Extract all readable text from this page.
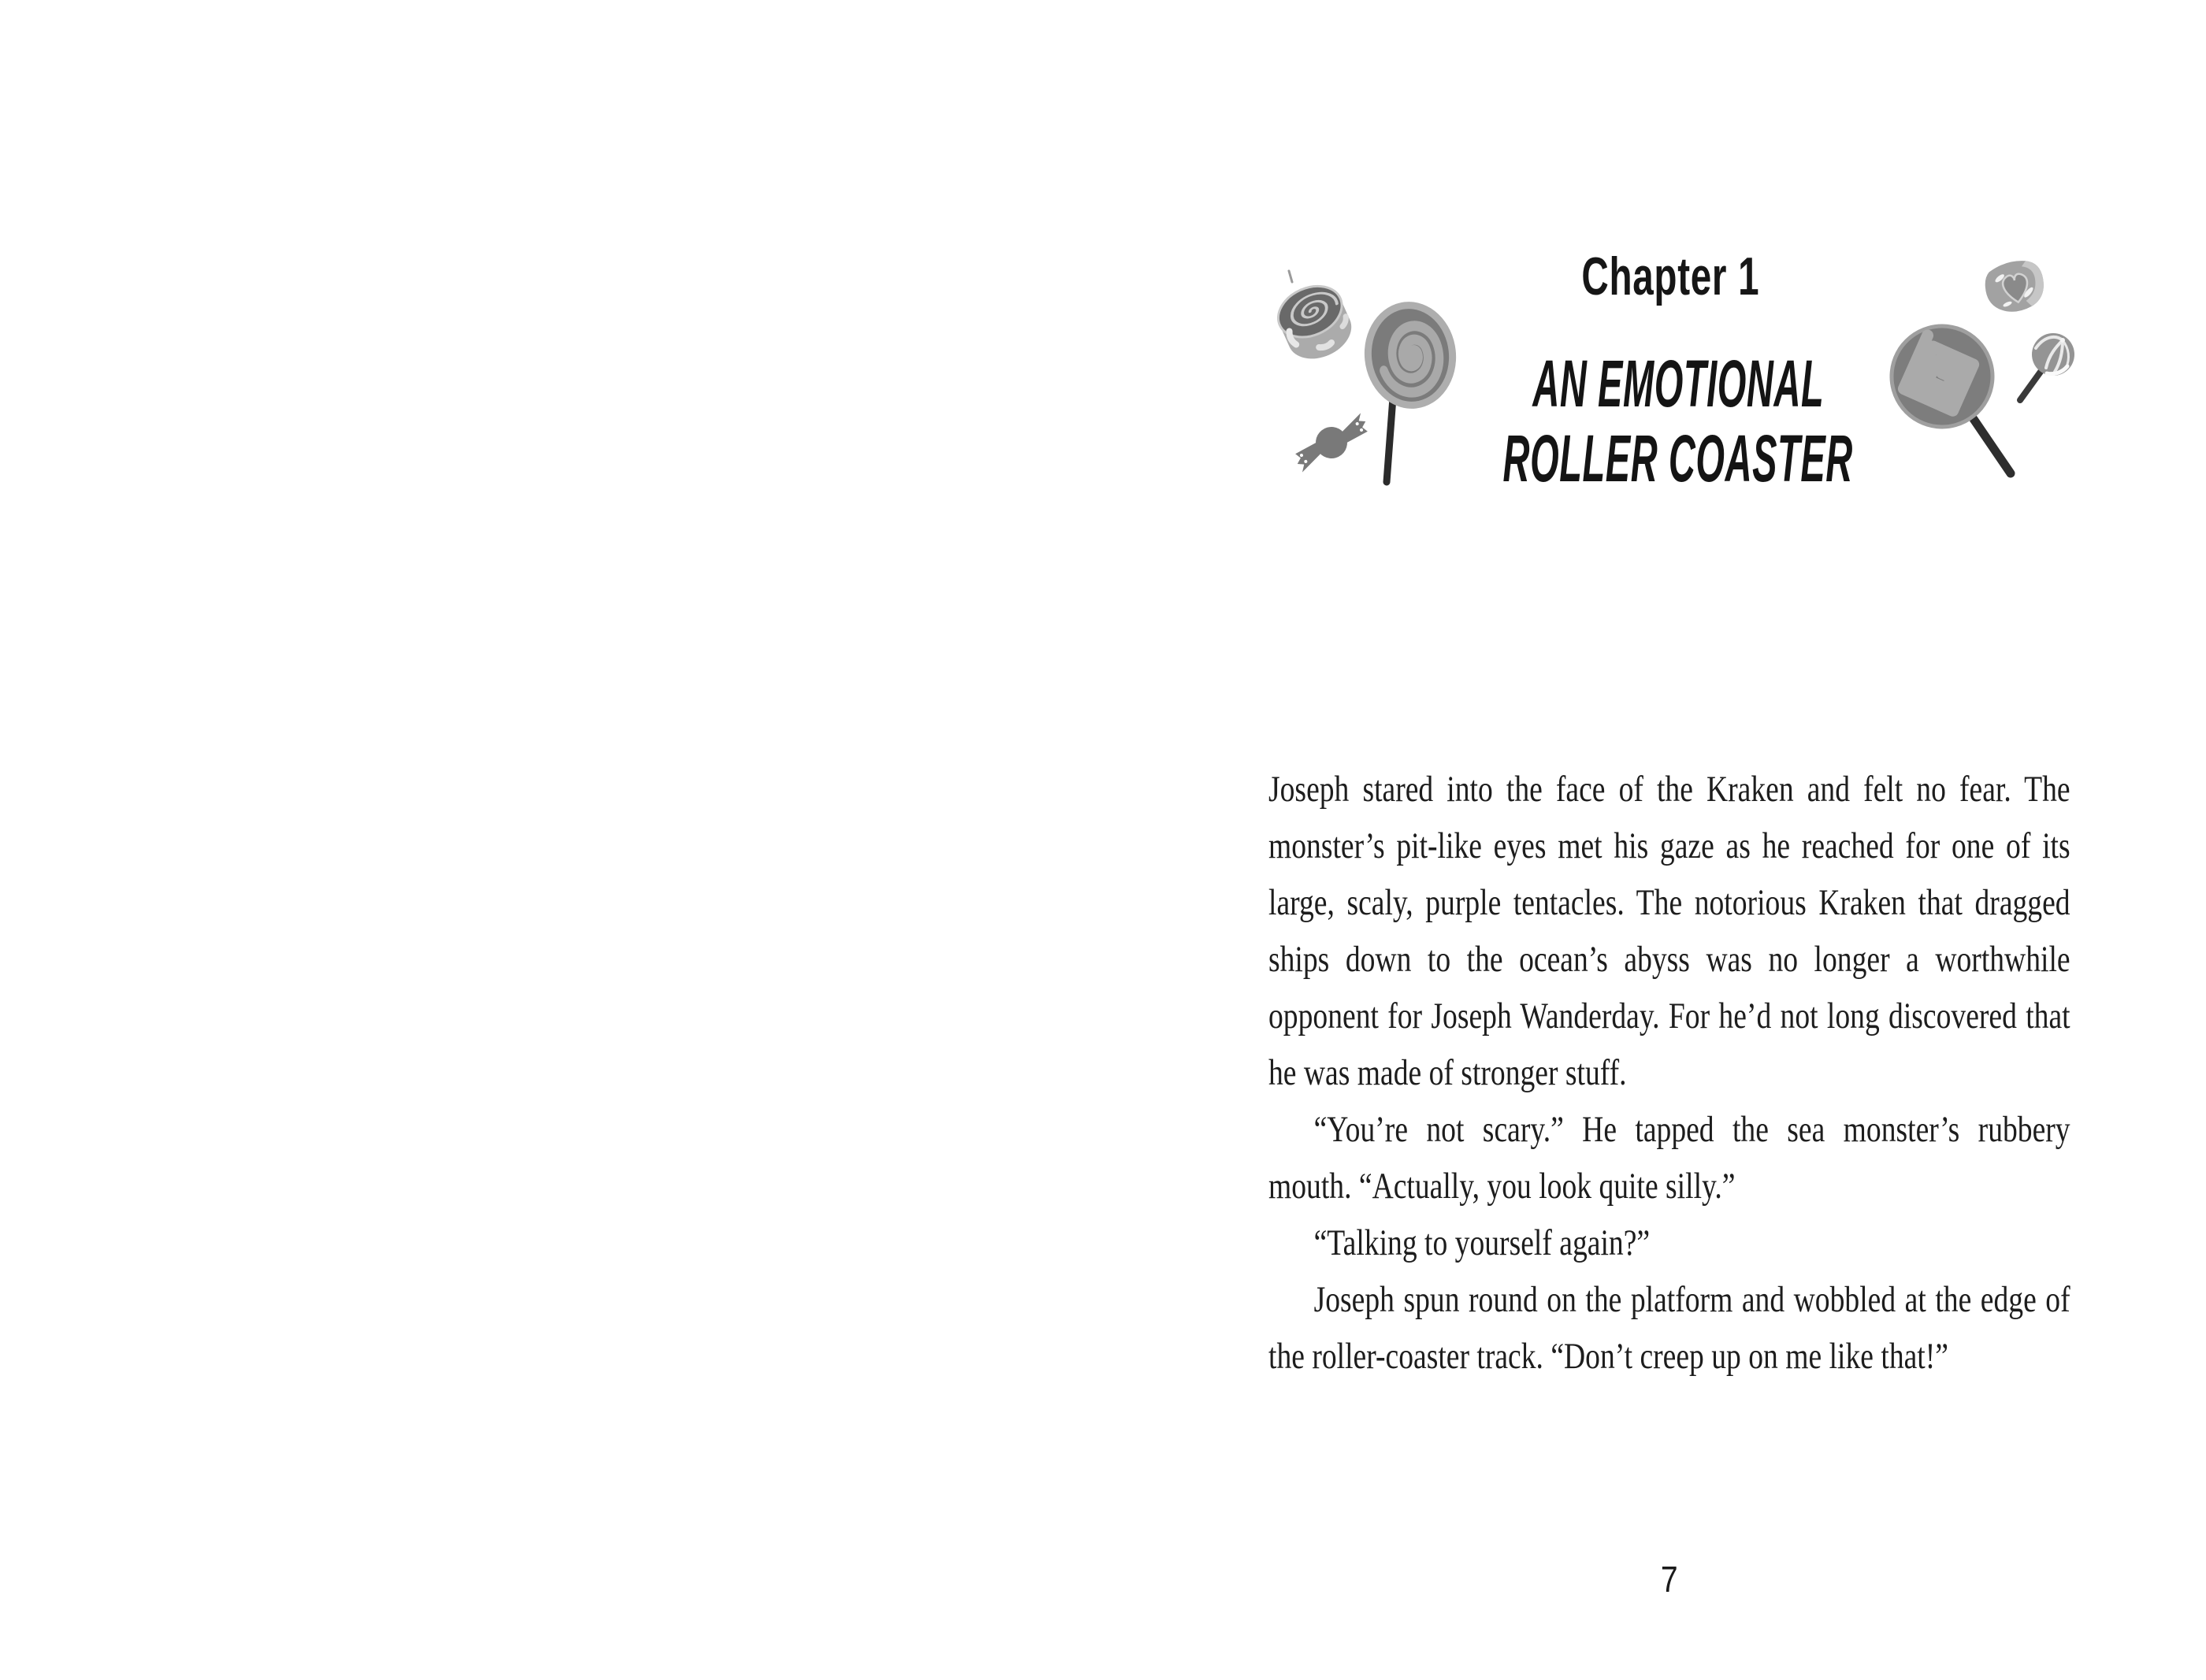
Chapter 1
AN EMOTIONAL
ROLLER COASTER

Joseph stared into the face of the Kraken and felt no fear. The monster’s pit-like eyes met his gaze as he reached for one of its large, scaly, purple tentacles. The notorious Kraken that dragged ships down to the ocean’s abyss was no longer a worthwhile opponent for Joseph Wanderday. For he’d not long discovered that he was made of stronger stuff.

“You’re not scary.” He tapped the sea monster’s rubbery mouth. “Actually, you look quite silly.”

“Talking to yourself again?”

Joseph spun round on the platform and wobbled at the edge of the roller-coaster track. “Don’t creep up on me like that!”

7
